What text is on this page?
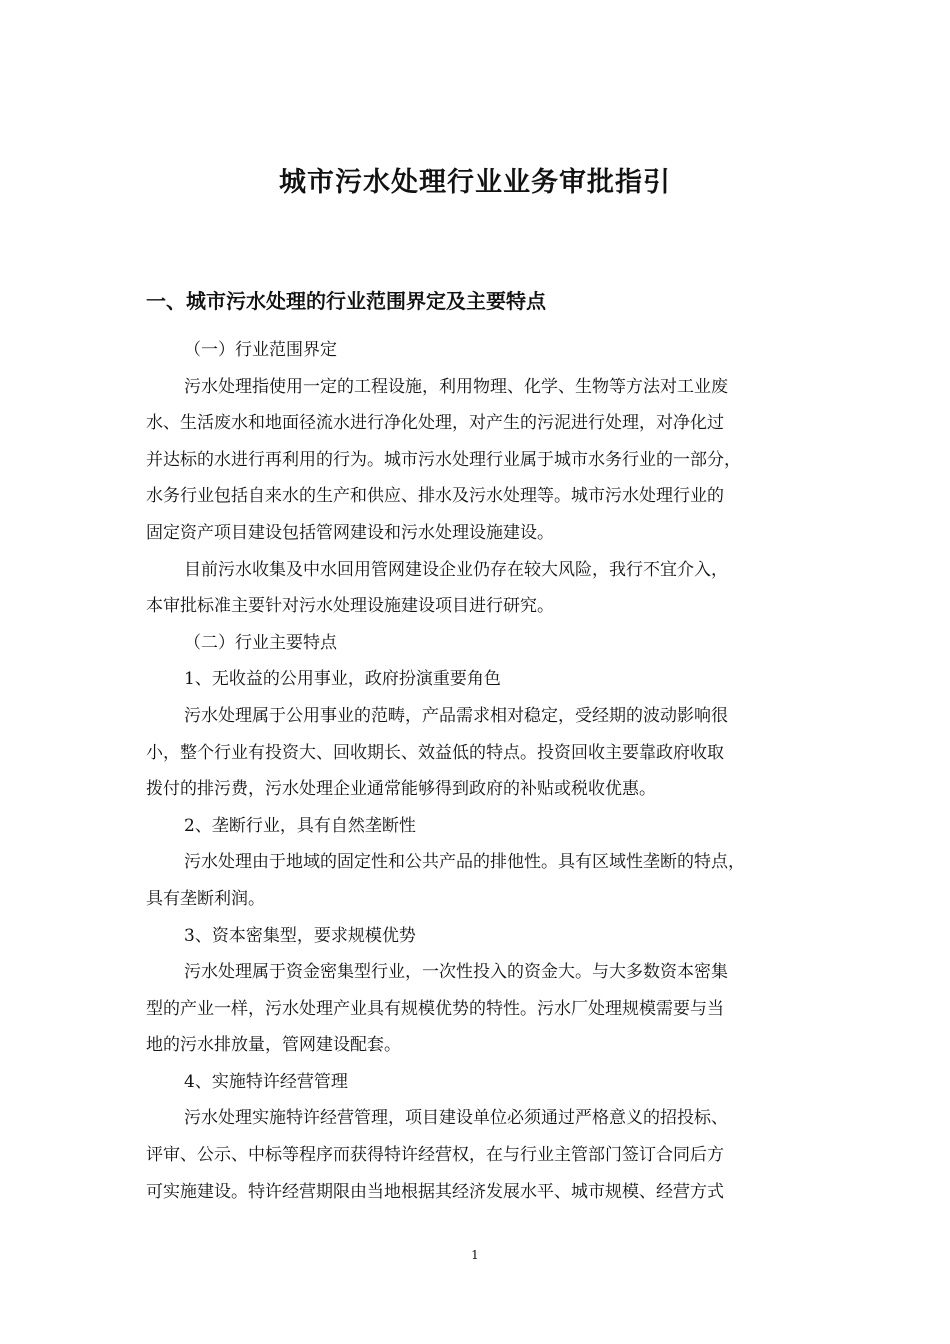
城市污水处理行业业务审批指引
一、城市污水处理的行业范围界定及主要特点

（一）行业范围界定

污水处理指使用一定的工程设施，利用物理、化学、生物等方法对工业废

水、生活废水和地面径流水进行净化处理，对产生的污泥进行处理，对净化过

并达标的水进行再利用的行为。城市污水处理行业属于城市水务行业的一部分，

水务行业包括自来水的生产和供应、排水及污水处理等。城市污水处理行业的

固定资产项目建设包括管网建设和污水处理设施建设。

目前污水收集及中水回用管网建设企业仍存在较大风险，我行不宜介入，

本审批标准主要针对污水处理设施建设项目进行研究。

（二）行业主要特点

1、无收益的公用事业，政府扮演重要角色

污水处理属于公用事业的范畴，产品需求相对稳定，受经期的波动影响很

小，整个行业有投资大、回收期长、效益低的特点。投资回收主要靠政府收取

拨付的排污费，污水处理企业通常能够得到政府的补贴或税收优惠。

2、垄断行业，具有自然垄断性

污水处理由于地域的固定性和公共产品的排他性。具有区域性垄断的特点，

具有垄断利润。

3、资本密集型，要求规模优势

污水处理属于资金密集型行业，一次性投入的资金大。与大多数资本密集

型的产业一样，污水处理产业具有规模优势的特性。污水厂处理规模需要与当

地的污水排放量，管网建设配套。

4、实施特许经营管理

污水处理实施特许经营管理，项目建设单位必须通过严格意义的招投标、

评审、公示、中标等程序而获得特许经营权，在与行业主管部门签订合同后方

可实施建设。特许经营期限由当地根据其经济发展水平、城市规模、经营方式

1
